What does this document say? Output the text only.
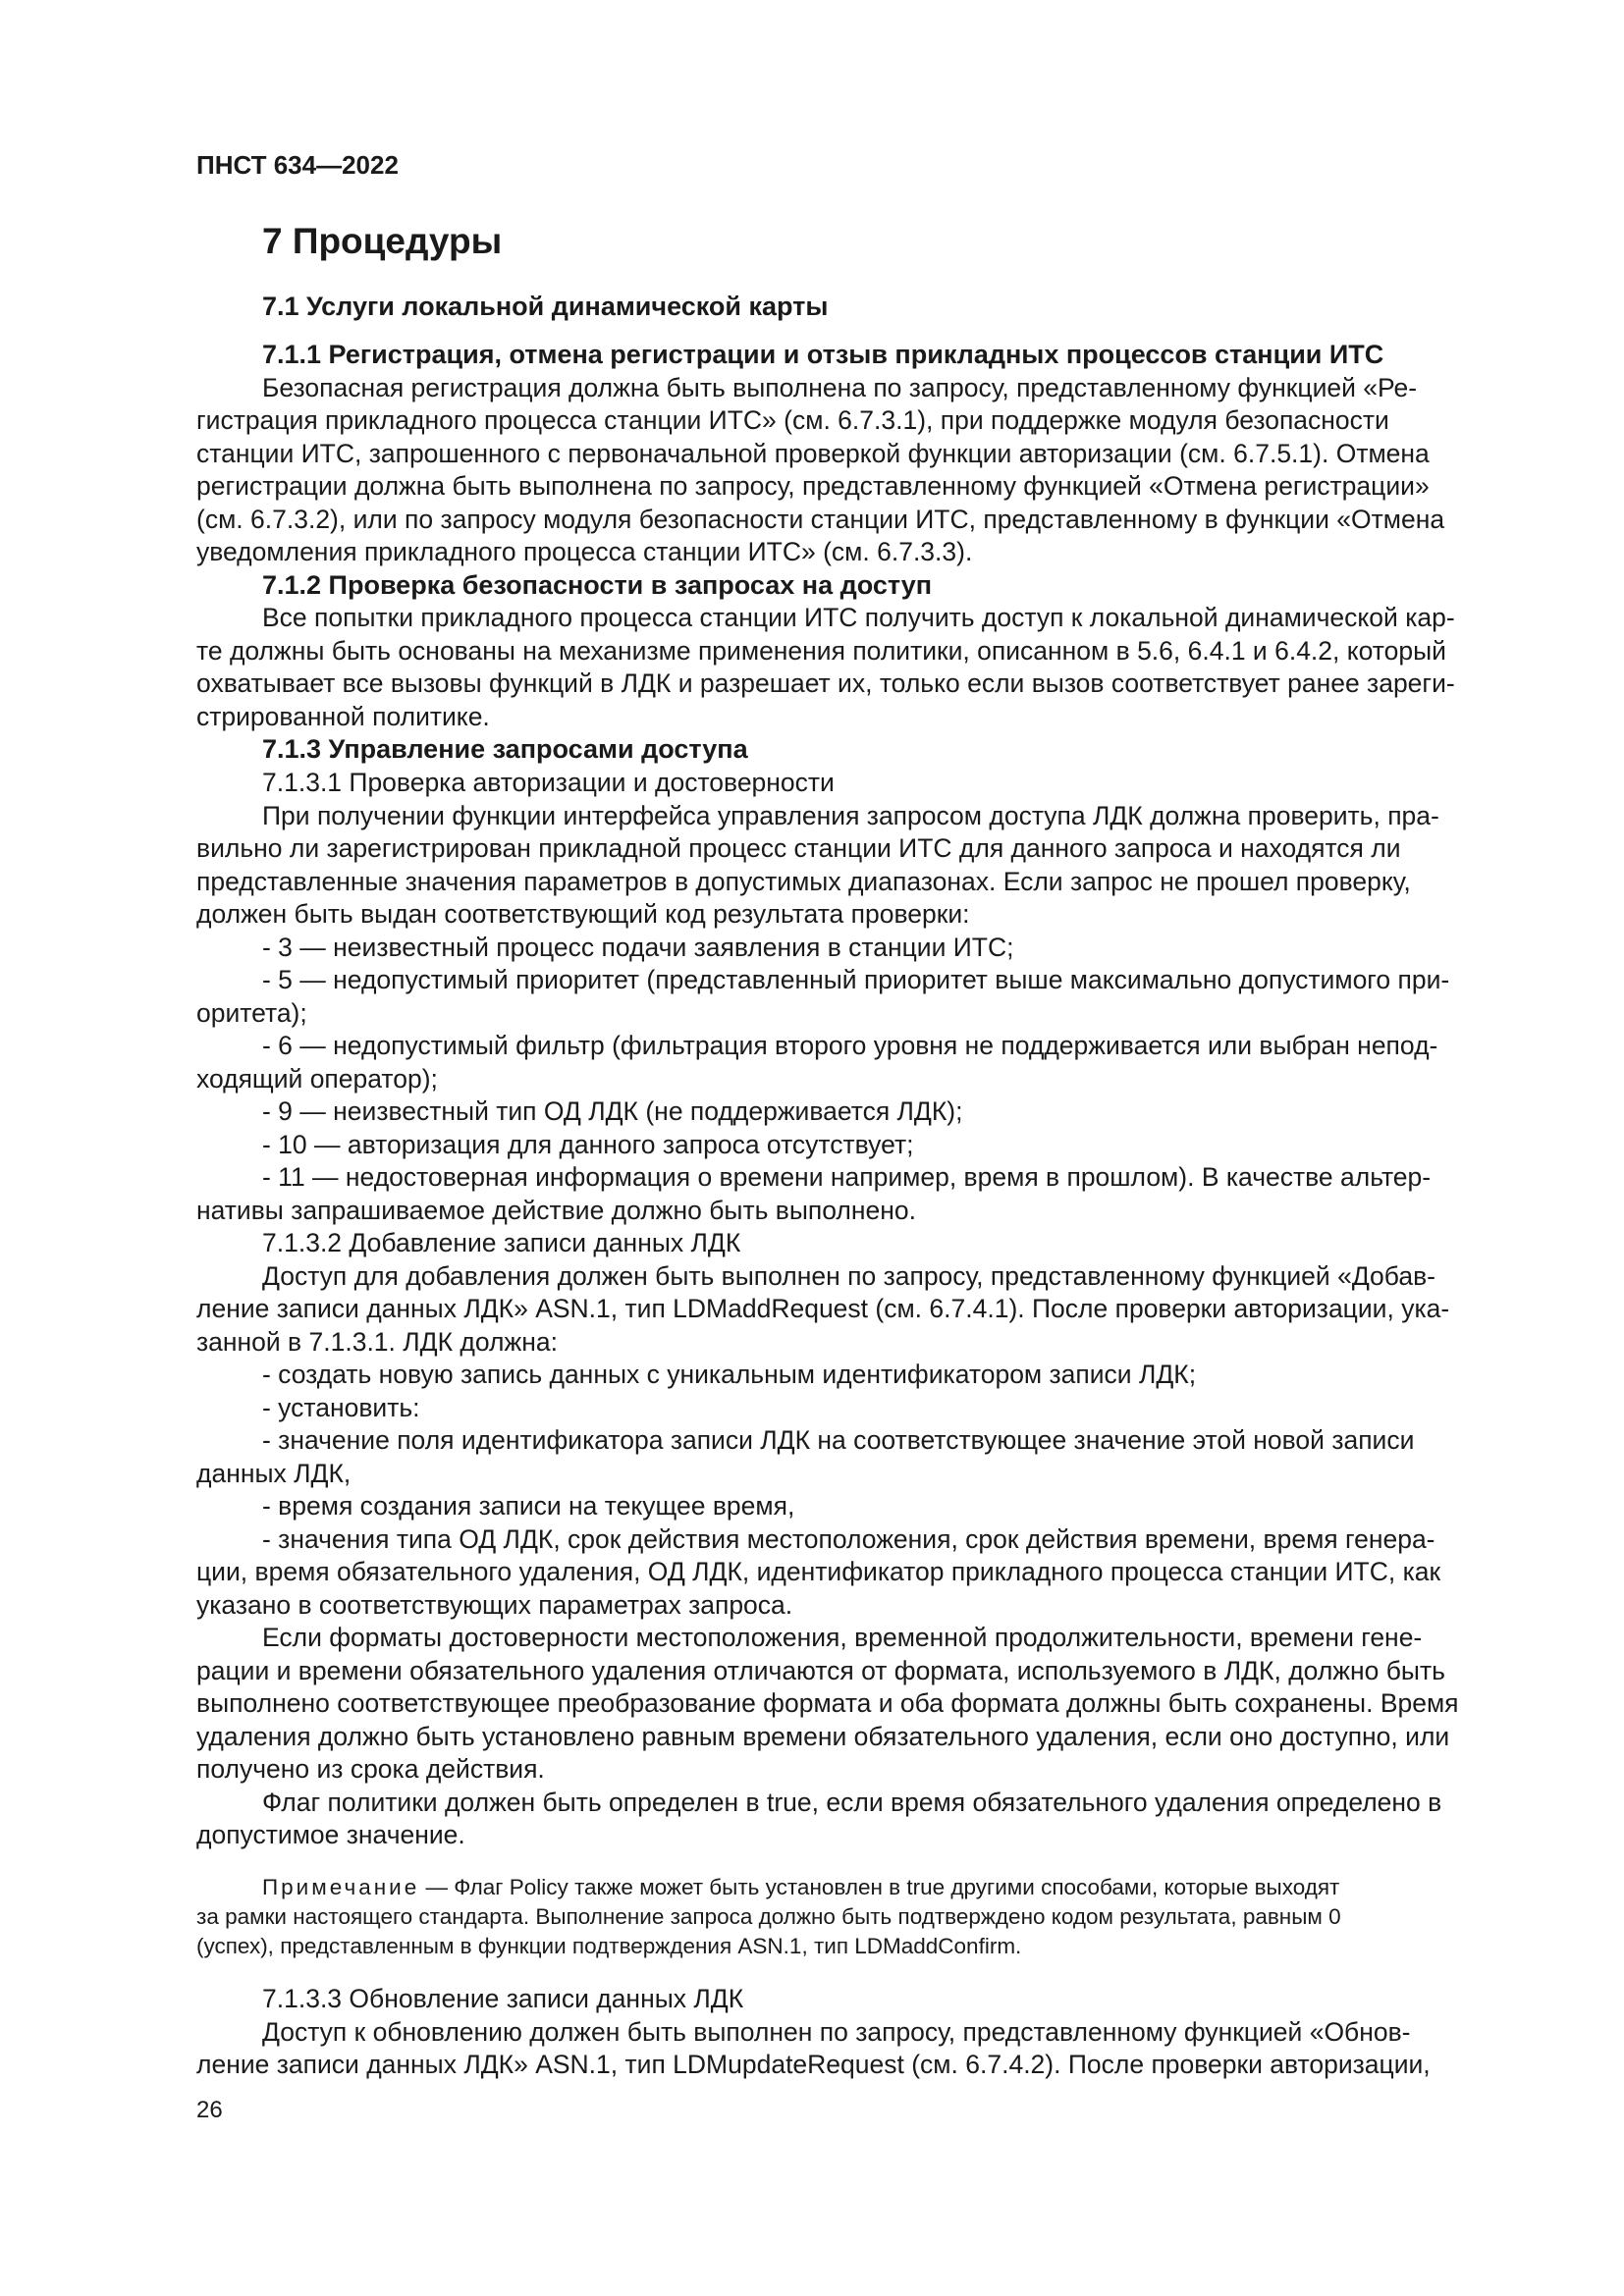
ПНСТ 634—2022
7 Процедуры
7.1 Услуги локальной динамической карты
7.1.1 Регистрация, отмена регистрации и отзыв прикладных процессов станции ИТС
Безопасная регистрация должна быть выполнена по запросу, представленному функцией «Ре-
гистрация прикладного процесса станции ИТС» (см. 6.7.3.1), при поддержке модуля безопасности
станции ИТС, запрошенного с первоначальной проверкой функции авторизации (см. 6.7.5.1). Отмена
регистрации должна быть выполнена по запросу, представленному функцией «Отмена регистрации»
(см. 6.7.3.2), или по запросу модуля безопасности станции ИТС, представленному в функции «Отмена
уведомления прикладного процесса станции ИТС» (см. 6.7.3.3).
7.1.2 Проверка безопасности в запросах на доступ
Все попытки прикладного процесса станции ИТС получить доступ к локальной динамической кар-
те должны быть основаны на механизме применения политики, описанном в 5.6, 6.4.1 и 6.4.2, который
охватывает все вызовы функций в ЛДК и разрешает их, только если вызов соответствует ранее зареги-
стрированной политике.
7.1.3 Управление запросами доступа
7.1.3.1 Проверка авторизации и достоверности
При получении функции интерфейса управления запросом доступа ЛДК должна проверить, пра-
вильно ли зарегистрирован прикладной процесс станции ИТС для данного запроса и находятся ли
представленные значения параметров в допустимых диапазонах. Если запрос не прошел проверку,
должен быть выдан соответствующий код результата проверки:
- 3 — неизвестный процесс подачи заявления в станции ИТС;
- 5 — недопустимый приоритет (представленный приоритет выше максимально допустимого при-
оритета);
- 6 — недопустимый фильтр (фильтрация второго уровня не поддерживается или выбран непод-
ходящий оператор);
- 9 — неизвестный тип ОД ЛДК (не поддерживается ЛДК);
- 10 — авторизация для данного запроса отсутствует;
- 11 — недостоверная информация о времени например, время в прошлом). В качестве альтер-
нативы запрашиваемое действие должно быть выполнено.
7.1.3.2 Добавление записи данных ЛДК
Доступ для добавления должен быть выполнен по запросу, представленному функцией «Добав-
ление записи данных ЛДК» ASN.1, тип LDMaddRequest (см. 6.7.4.1). После проверки авторизации, ука-
занной в 7.1.3.1. ЛДК должна:
- создать новую запись данных с уникальным идентификатором записи ЛДК;
- установить:
- значение поля идентификатора записи ЛДК на соответствующее значение этой новой записи
данных ЛДК,
- время создания записи на текущее время,
- значения типа ОД ЛДК, срок действия местоположения, срок действия времени, время генера-
ции, время обязательного удаления, ОД ЛДК, идентификатор прикладного процесса станции ИТС, как
указано в соответствующих параметрах запроса.
Если форматы достоверности местоположения, временной продолжительности, времени гене-
рации и времени обязательного удаления отличаются от формата, используемого в ЛДК, должно быть
выполнено соответствующее преобразование формата и оба формата должны быть сохранены. Время
удаления должно быть установлено равным времени обязательного удаления, если оно доступно, или
получено из срока действия.
Флаг политики должен быть определен в true, если время обязательного удаления определено в
допустимое значение.
Примечание — Флаг Policy также может быть установлен в true другими способами, которые выходят
за рамки настоящего стандарта. Выполнение запроса должно быть подтверждено кодом результата, равным 0
(успех), представленным в функции подтверждения ASN.1, тип LDMaddConfirm.
7.1.3.3 Обновление записи данных ЛДК
Доступ к обновлению должен быть выполнен по запросу, представленному функцией «Обнов-
ление записи данных ЛДК» ASN.1, тип LDMupdateRequest (см. 6.7.4.2). После проверки авторизации,
26
